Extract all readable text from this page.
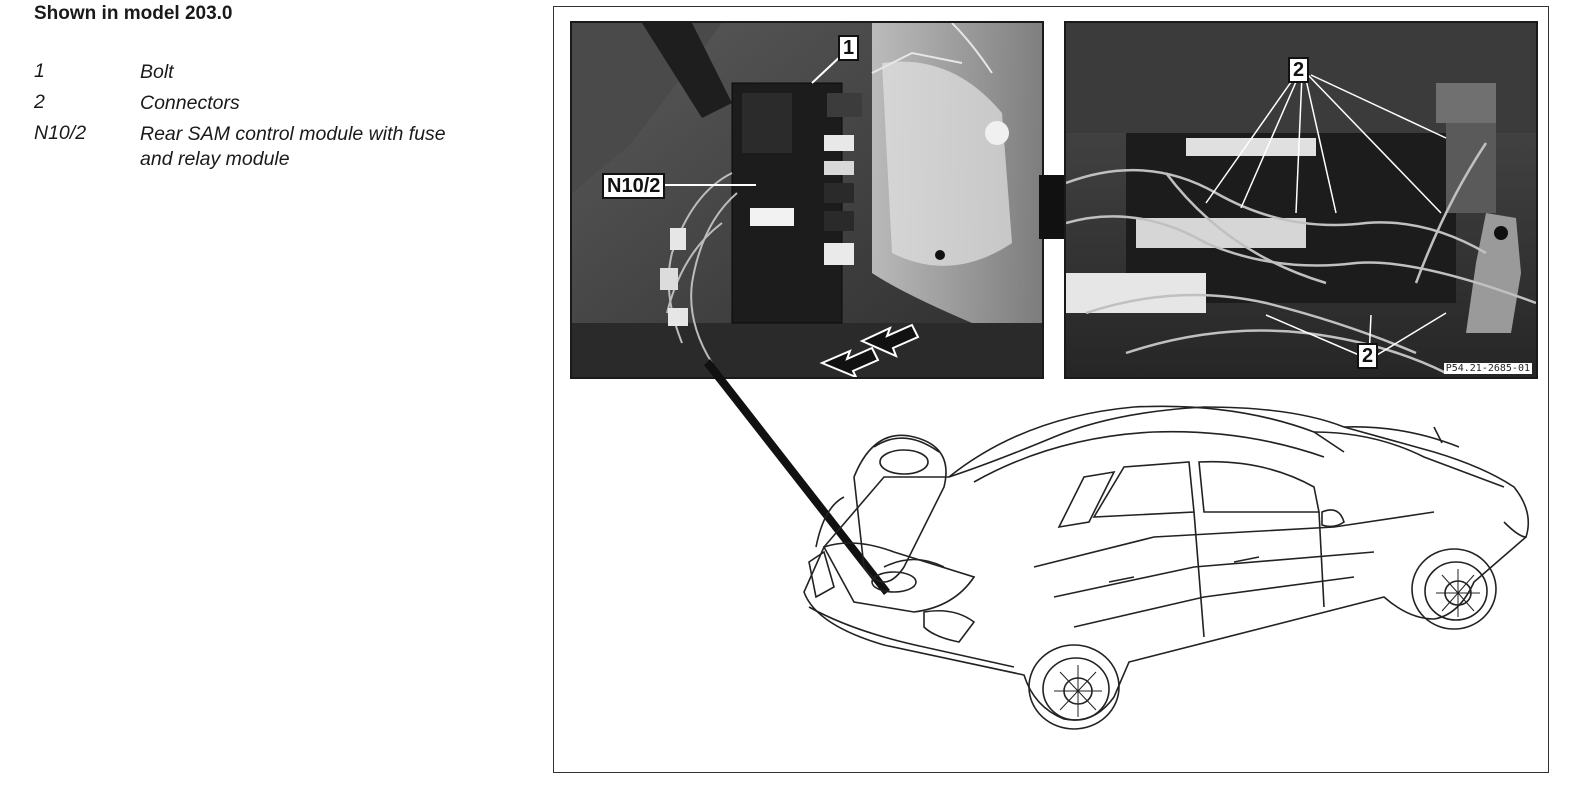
Shown in model 203.0
1	Bolt
2	Connectors
N10/2	Rear SAM control module with fuse and relay module
1
N10/2
2
2
P54.21-2685-01
